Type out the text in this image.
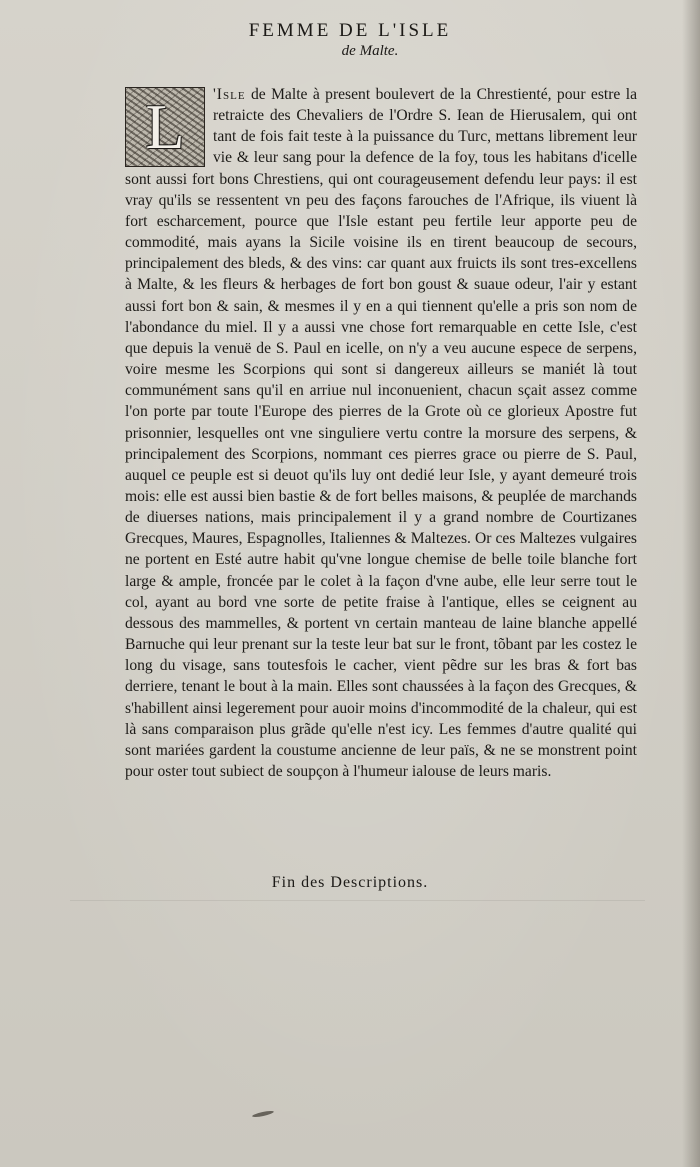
FEMME DE L'ISLE
de Malte.
L	'Isle de Malte à present boulevert de la Chrestienté, pour estre la retraicte des Chevaliers de l'Ordre S. Iean de Hierusalem, qui ont tant de fois fait teste à la puissance du Turc, mettans librement leur vie & leur sang pour la defence de la foy, tous les habitans d'icelle sont aussi fort bons Chrestiens, qui ont courageusement defendu leur pays: il est vray qu'ils se ressentent vn peu des façons farouches de l'Afrique, ils viuent là fort escharcement, pource que l'Isle estant peu fertile leur apporte peu de commodité, mais ayans la Sicile voisine ils en tirent beaucoup de secours, principalement des bleds, & des vins: car quant aux fruicts ils sont tres-excellens à Malte, & les fleurs & herbages de fort bon goust & suaue odeur, l'air y estant aussi fort bon & sain, & mesmes il y en a qui tiennent qu'elle a pris son nom de l'abondance du miel. Il y a aussi vne chose fort remarquable en cette Isle, c'est que depuis la venuë de S. Paul en icelle, on n'y a veu aucune espece de serpens, voire mesme les Scorpions qui sont si dangereux ailleurs se maniét là tout communément sans qu'il en arriue nul inconuenient, chacun sçait assez comme l'on porte par toute l'Europe des pierres de la Grote où ce glorieux Apostre fut prisonnier, lesquelles ont vne singuliere vertu contre la morsure des serpens, & principalement des Scorpions, nommant ces pierres grace ou pierre de S. Paul, auquel ce peuple est si deuot qu'ils luy ont dedié leur Isle, y ayant demeuré trois mois: elle est aussi bien bastie & de fort belles maisons, & peuplée de marchands de diuerses nations, mais principalement il y a grand nombre de Courtizanes Grecques, Maures, Espagnolles, Italiennes & Maltezes. Or ces Maltezes vulgaires ne portent en Esté autre habit qu'vne longue chemise de belle toile blanche fort large & ample, froncée par le colet à la façon d'vne aube, elle leur serre tout le col, ayant au bord vne sorte de petite fraise à l'antique, elles se ceignent au dessous des mammelles, & portent vn certain manteau de laine blanche appellé Barnuche qui leur prenant sur la teste leur bat sur le front, tõbant par les costez le long du visage, sans toutesfois le cacher, vient pẽdre sur les bras & fort bas derriere, tenant le bout à la main. Elles sont chaussées à la façon des Grecques, & s'habillent ainsi legerement pour auoir moins d'incommodité de la chaleur, qui est là sans comparaison plus grãde qu'elle n'est icy. Les femmes d'autre qualité qui sont mariées gardent la coustume ancienne de leur païs, & ne se monstrent point pour oster tout subiect de soupçon à l'humeur ialouse de leurs maris.
Fin des Descriptions.
